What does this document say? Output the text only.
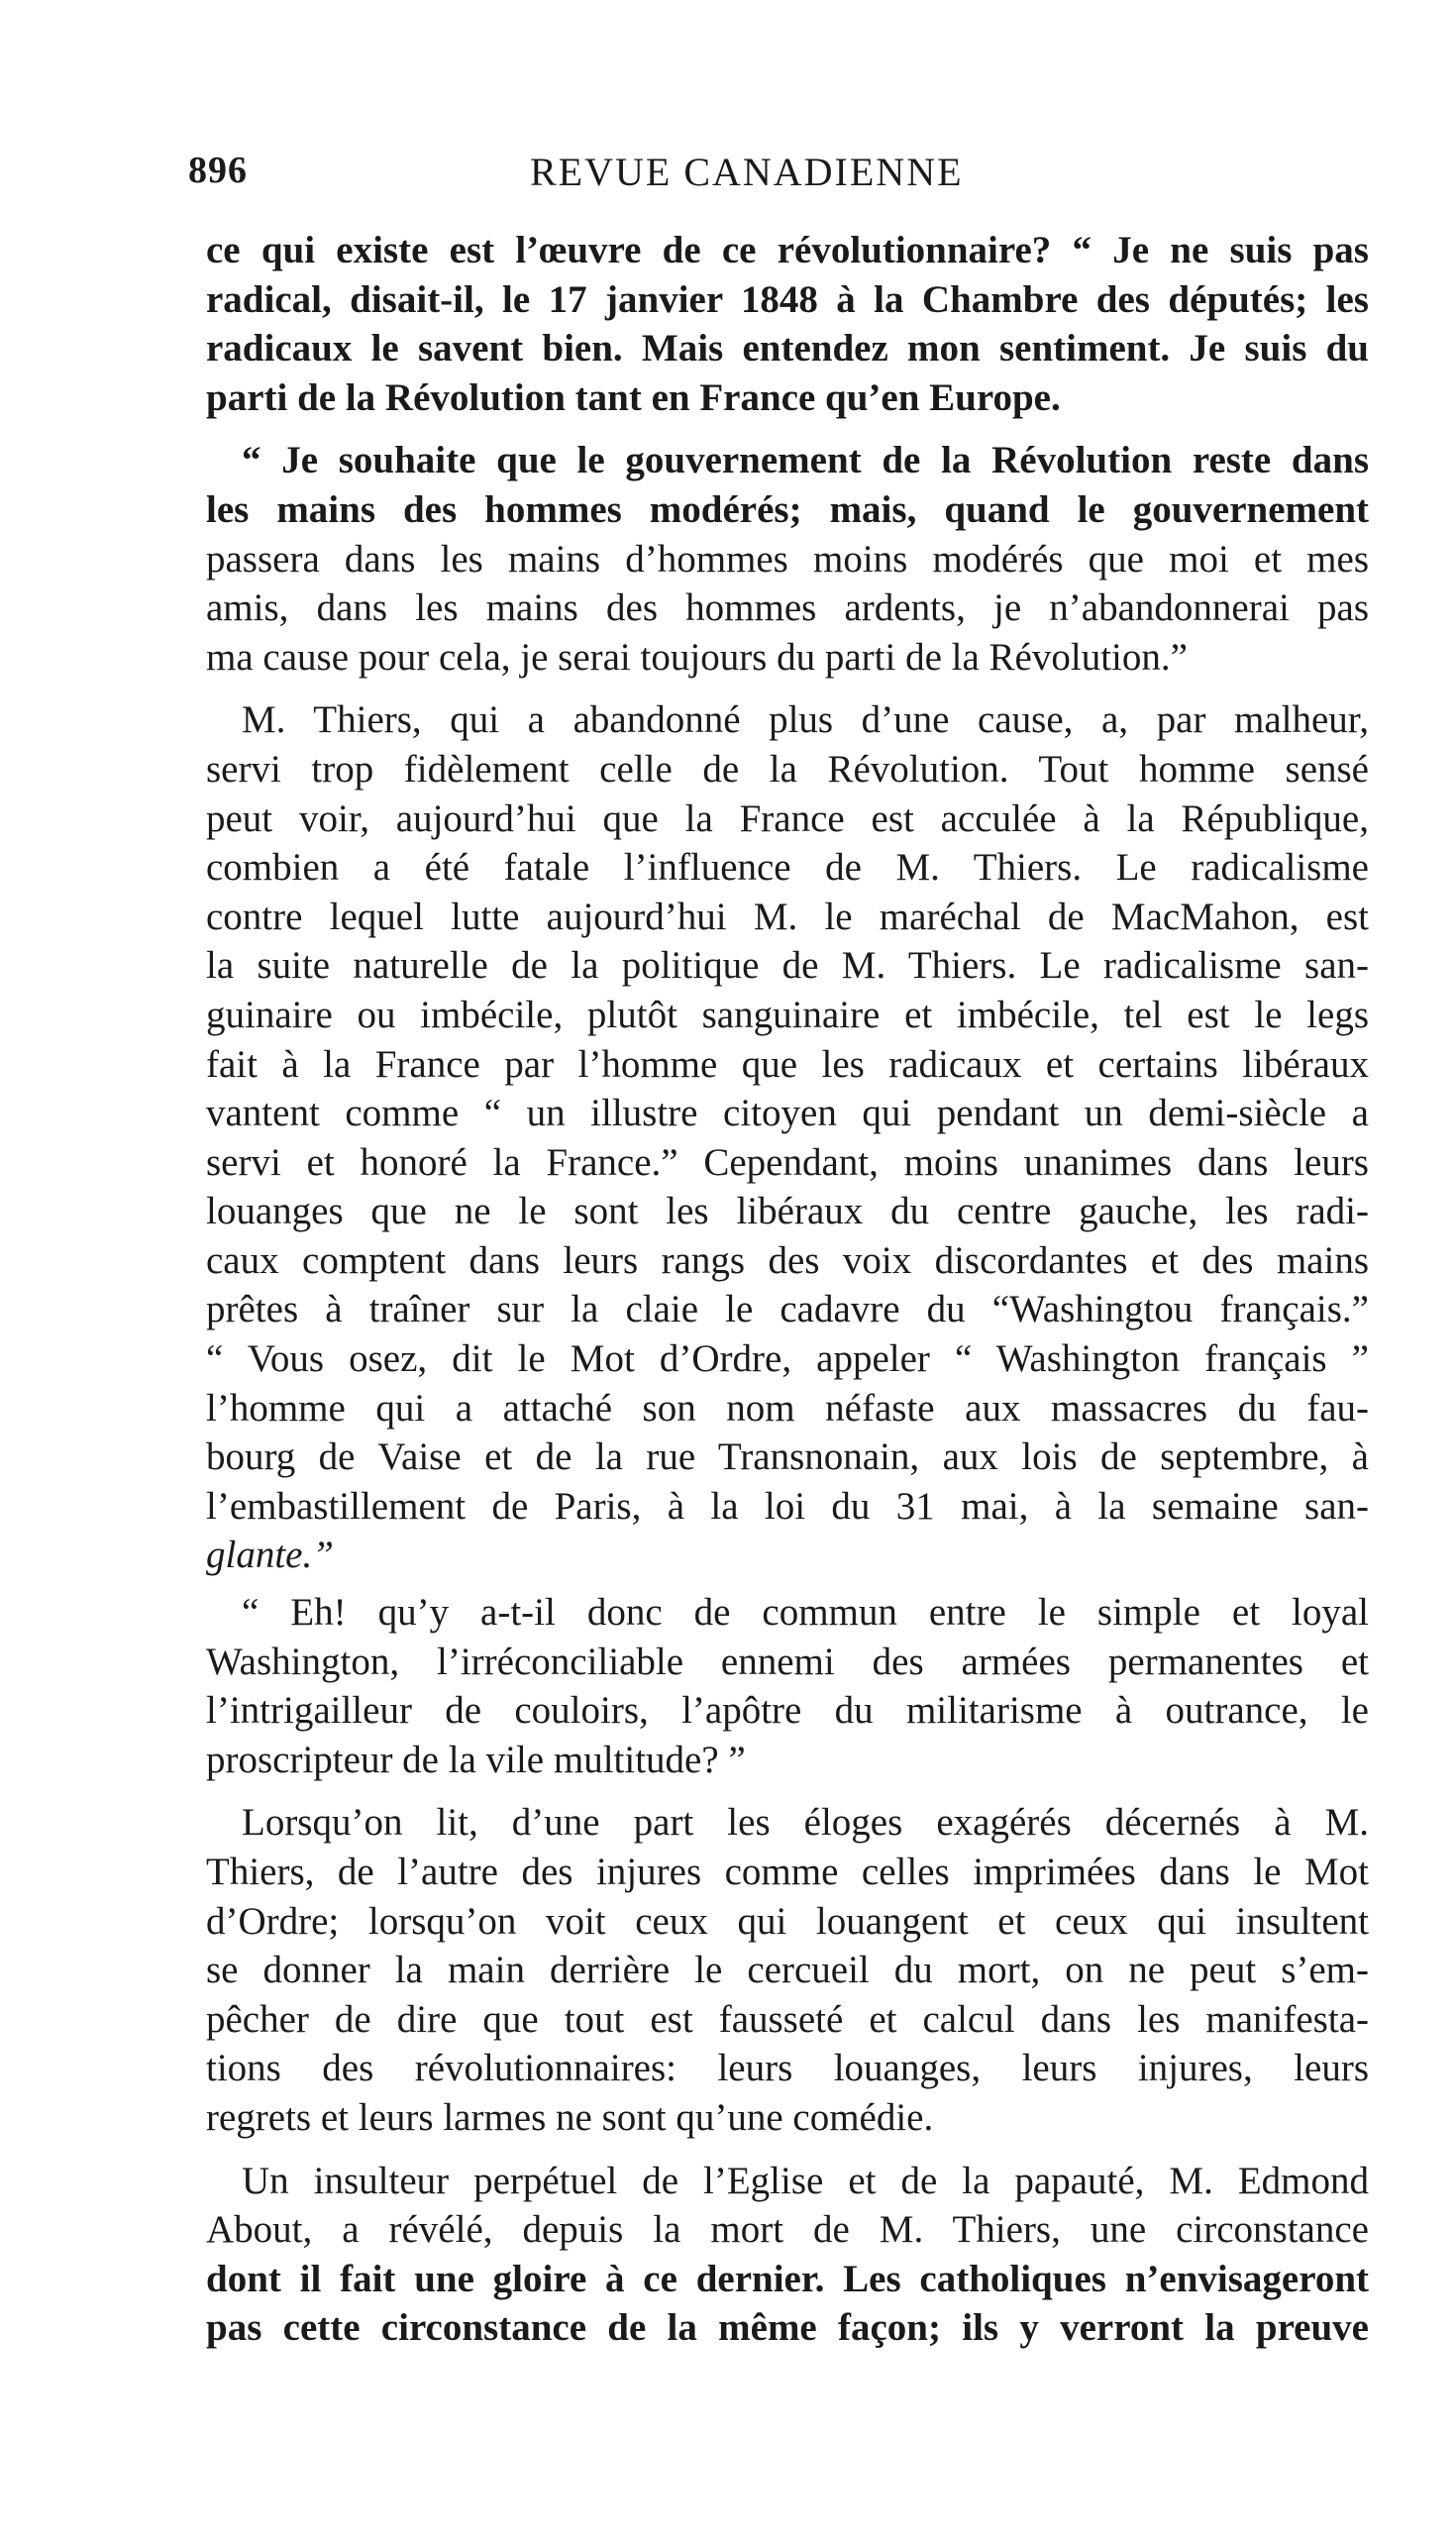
896	REVUE CANADIENNE
ce qui existe est l’œuvre de ce révolutionnaire? “ Je ne suis pas
radical, disait-il, le 17 janvier 1848 à la Chambre des députés; les
radicaux le savent bien. Mais entendez mon sentiment. Je suis du
parti de la Révolution tant en France qu’en Europe.
“ Je souhaite que le gouvernement de la Révolution reste dans
les mains des hommes modérés; mais, quand le gouvernement
passera dans les mains d’hommes moins modérés que moi et mes
amis, dans les mains des hommes ardents, je n’abandonnerai pas
ma cause pour cela, je serai toujours du parti de la Révolution.”
M. Thiers, qui a abandonné plus d’une cause, a, par malheur,
servi trop fidèlement celle de la Révolution. Tout homme sensé
peut voir, aujourd’hui que la France est acculée à la République,
combien a été fatale l’influence de M. Thiers. Le radicalisme
contre lequel lutte aujourd’hui M. le maréchal de MacMahon, est
la suite naturelle de la politique de M. Thiers. Le radicalisme san-
guinaire ou imbécile, plutôt sanguinaire et imbécile, tel est le legs
fait à la France par l’homme que les radicaux et certains libéraux
vantent comme “ un illustre citoyen qui pendant un demi-siècle a
servi et honoré la France.” Cependant, moins unanimes dans leurs
louanges que ne le sont les libéraux du centre gauche, les radi-
caux comptent dans leurs rangs des voix discordantes et des mains
prêtes à traîner sur la claie le cadavre du “Washingtou français.”
“ Vous osez, dit le Mot d’Ordre, appeler “ Washington français ”
l’homme qui a attaché son nom néfaste aux massacres du fau-
bourg de Vaise et de la rue Transnonain, aux lois de septembre, à
l’embastillement de Paris, à la loi du 31 mai, à la semaine san-
glante.”
“ Eh! qu’y a-t-il donc de commun entre le simple et loyal
Washington, l’irréconciliable ennemi des armées permanentes et
l’intrigailleur de couloirs, l’apôtre du militarisme à outrance, le
proscripteur de la vile multitude? ”
Lorsqu’on lit, d’une part les éloges exagérés décernés à M.
Thiers, de l’autre des injures comme celles imprimées dans le Mot
d’Ordre; lorsqu’on voit ceux qui louangent et ceux qui insultent
se donner la main derrière le cercueil du mort, on ne peut s’em-
pêcher de dire que tout est fausseté et calcul dans les manifesta-
tions des révolutionnaires: leurs louanges, leurs injures, leurs
regrets et leurs larmes ne sont qu’une comédie.
Un insulteur perpétuel de l’Eglise et de la papauté, M. Edmond
About, a révélé, depuis la mort de M. Thiers, une circonstance
dont il fait une gloire à ce dernier. Les catholiques n’envisageront
pas cette circonstance de la même façon; ils y verront la preuve
